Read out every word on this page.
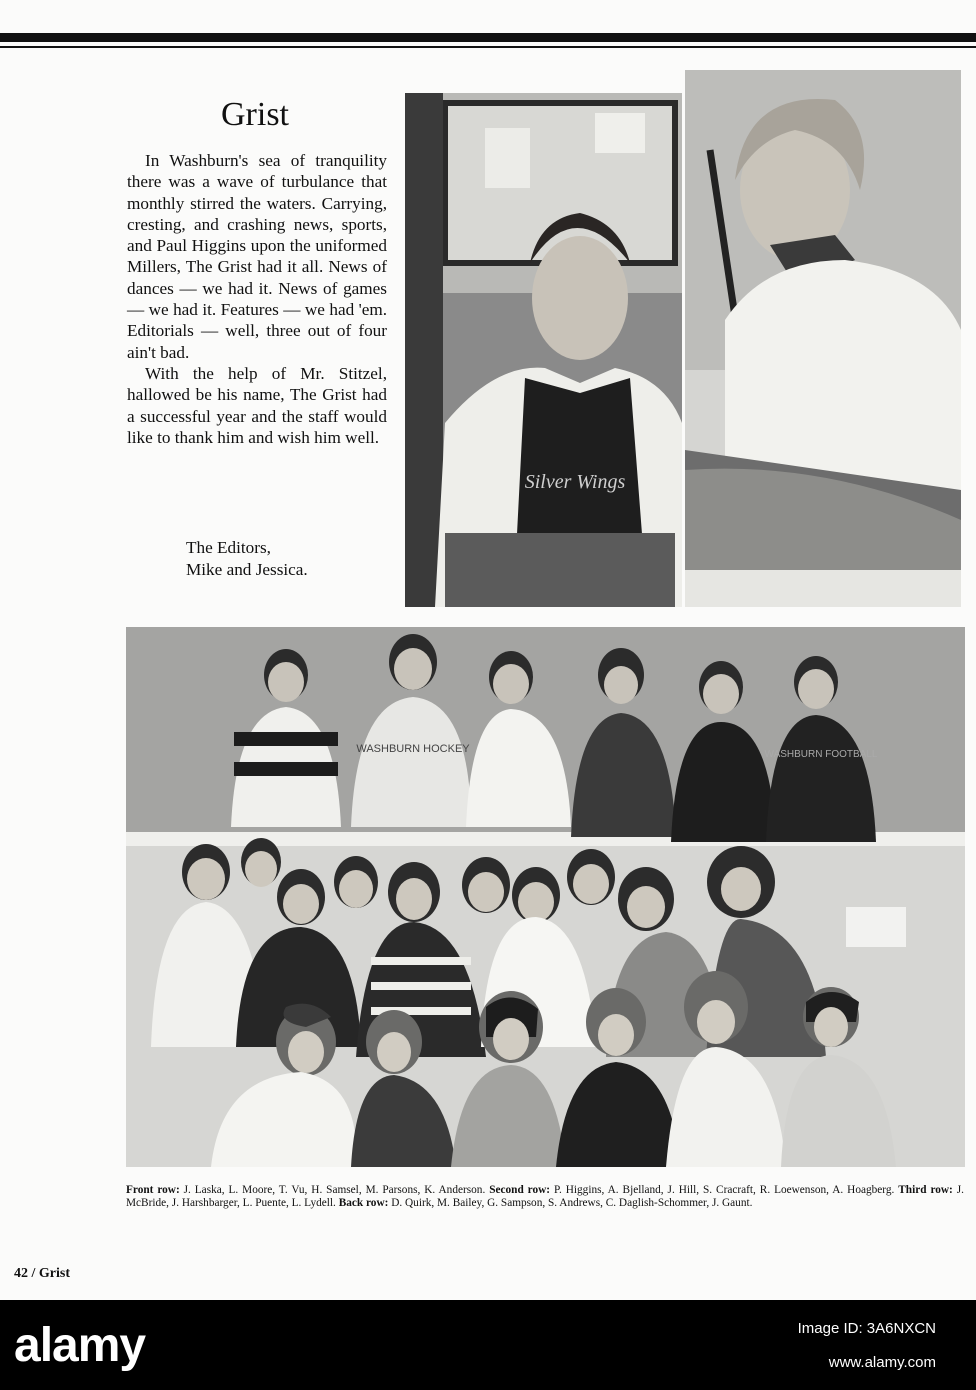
Grist

In Washburn's sea of tranquility there was a wave of turbulance that monthly stirred the waters. Carrying, cresting, and crashing news, sports, and Paul Higgins upon the uniformed Millers, The Grist had it all. News of dances — we had it. News of games — we had it. Features — we had 'em. Editorials — well, three out of four ain't bad.

With the help of Mr. Stitzel, hallowed be his name, The Grist had a successful year and the staff would like to thank him and wish him well.

The Editors,
Mike and Jessica.
Silver Wings
WASHBURN HOCKEY	WASHBURN FOOTBALL
Front row: J. Laska, L. Moore, T. Vu, H. Samsel, M. Parsons, K. Anderson. Second row: P. Higgins, A. Bjelland, J. Hill, S. Cracraft, R. Loewenson, A. Hoagberg. Third row: J. McBride, J. Harshbarger, L. Puente, L. Lydell. Back row: D. Quirk, M. Bailey, G. Sampson, S. Andrews, C. Daglish-Schommer, J. Gaunt.
42 / Grist
alamy	Image ID: 3A6NXCN
www.alamy.com
